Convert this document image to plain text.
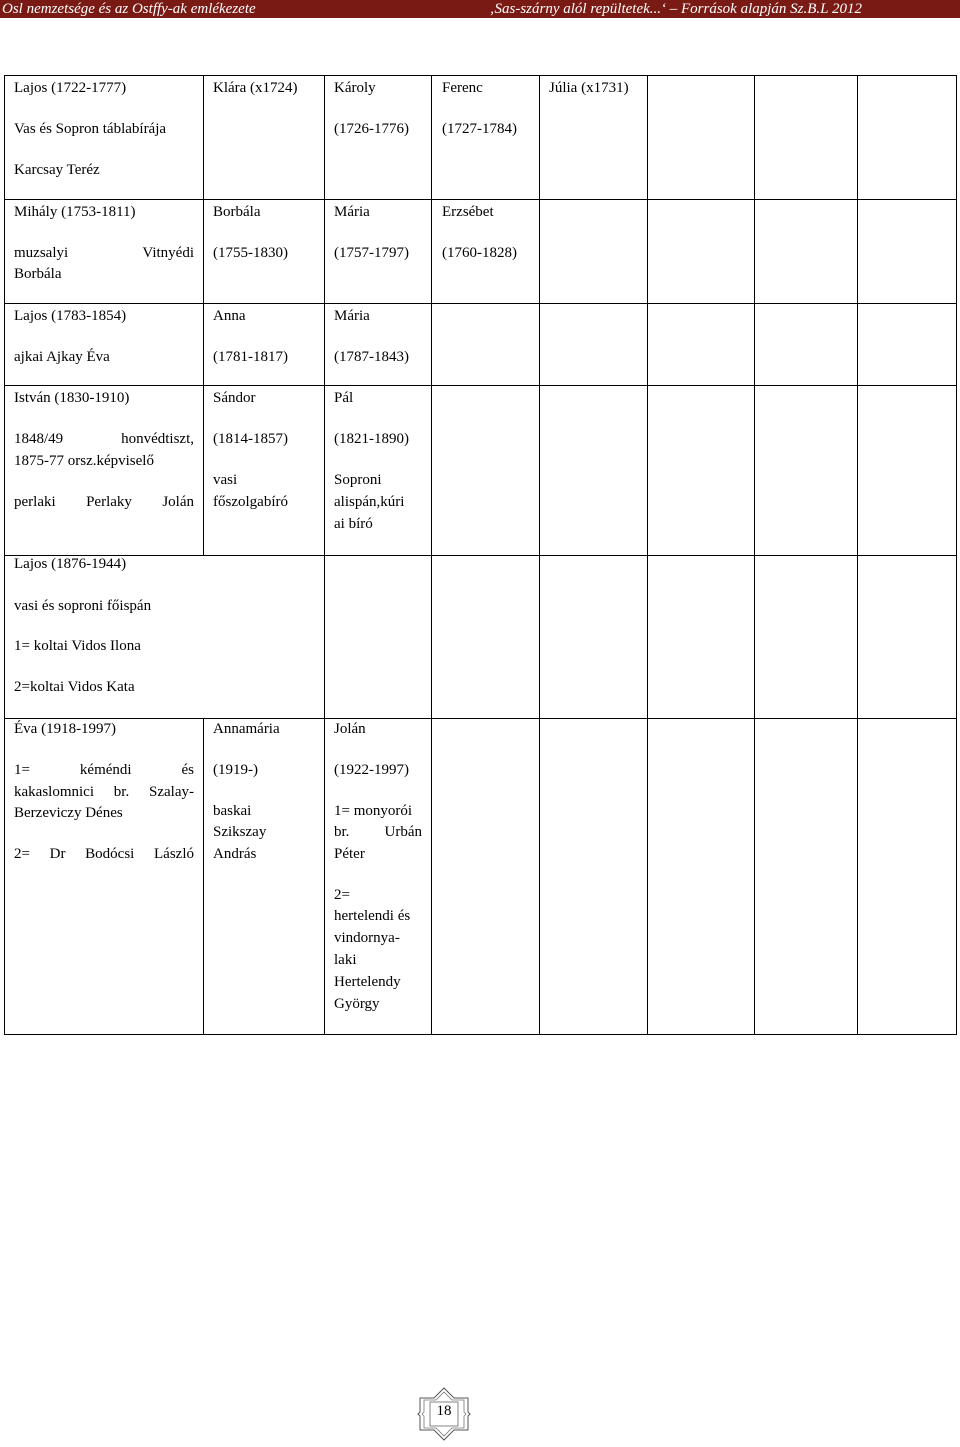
Osl nemzetsége és az Ostffy-ak emlékezete	‚Sas-szárny alól repültetek...‘ – Források alapján Sz.B.L 2012
Lajos (1722-1777)
Vas és Sopron táblabírája
Karcsay Teréz
Klára (x1724) Károly
(1726-1776)
Ferenc
(1727-1784)
Júlia (x1731)
Mihály (1753-1811)
muzsalyi Vitnyédi
Borbála
Borbála
(1755-1830)
Mária
(1757-1797)
Erzsébet
(1760-1828)
Lajos (1783-1854)
ajkai Ajkay Éva
Anna
(1781-1817)
Mária
(1787-1843)
István (1830-1910)
1848/49 honvédtiszt,
1875-77 orsz.képviselő
perlaki Perlaky Jolán
Sándor
(1814-1857)
vasi
főszolgabíró
Pál
(1821-1890)
Soproni
alispán,kúri
ai bíró
Lajos (1876-1944)
vasi és soproni főispán
1= koltai Vidos Ilona
2=koltai Vidos Kata
Éva (1918-1997)
1= kéméndi és
kakaslomnici br. Szalay-
Berzeviczy Dénes
2= Dr Bodócsi László
Annamária
(1919-)
baskai
Szikszay
András
Jolán
(1922-1997)
1= monyorói
br. Urbán
Péter
2=
hertelendi és
vindornya-
laki
Hertelendy
György
18
